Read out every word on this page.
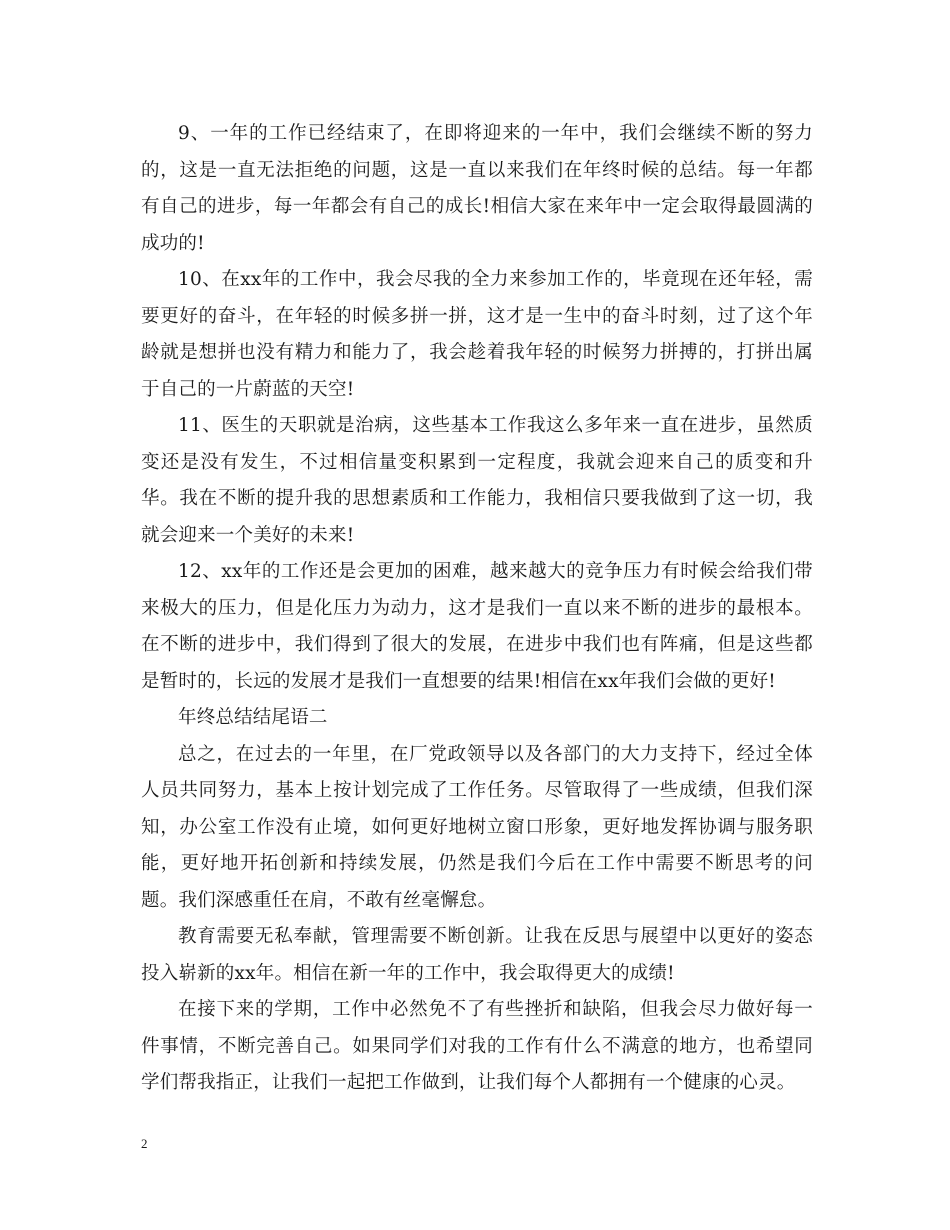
9、一年的工作已经结束了，在即将迎来的一年中，我们会继续不断的努力的，这是一直无法拒绝的问题，这是一直以来我们在年终时候的总结。每一年都有自己的进步，每一年都会有自己的成长!相信大家在来年中一定会取得最圆满的成功的!

10、在xx年的工作中，我会尽我的全力来参加工作的，毕竟现在还年轻，需要更好的奋斗，在年轻的时候多拼一拼，这才是一生中的奋斗时刻，过了这个年龄就是想拼也没有精力和能力了，我会趁着我年轻的时候努力拼搏的，打拼出属于自己的一片蔚蓝的天空!

11、医生的天职就是治病，这些基本工作我这么多年来一直在进步，虽然质变还是没有发生，不过相信量变积累到一定程度，我就会迎来自己的质变和升华。我在不断的提升我的思想素质和工作能力，我相信只要我做到了这一切，我就会迎来一个美好的未来!

12、xx年的工作还是会更加的困难，越来越大的竞争压力有时候会给我们带来极大的压力，但是化压力为动力，这才是我们一直以来不断的进步的最根本。在不断的进步中，我们得到了很大的发展，在进步中我们也有阵痛，但是这些都是暂时的，长远的发展才是我们一直想要的结果!相信在xx年我们会做的更好!

年终总结结尾语二

总之，在过去的一年里，在厂党政领导以及各部门的大力支持下，经过全体人员共同努力，基本上按计划完成了工作任务。尽管取得了一些成绩，但我们深知，办公室工作没有止境，如何更好地树立窗口形象，更好地发挥协调与服务职能，更好地开拓创新和持续发展，仍然是我们今后在工作中需要不断思考的问题。我们深感重任在肩，不敢有丝毫懈怠。

教育需要无私奉献，管理需要不断创新。让我在反思与展望中以更好的姿态投入崭新的xx年。相信在新一年的工作中，我会取得更大的成绩!

在接下来的学期，工作中必然免不了有些挫折和缺陷，但我会尽力做好每一件事情，不断完善自己。如果同学们对我的工作有什么不满意的地方，也希望同学们帮我指正，让我们一起把工作做到，让我们每个人都拥有一个健康的心灵。

2
